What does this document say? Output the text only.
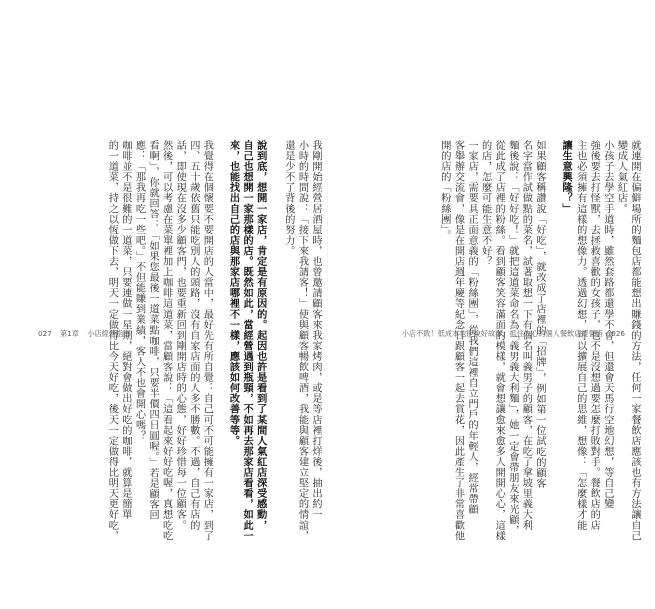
我剛開始經營居酒屋時，也曾邀請顧客來我家烤肉，或是等店裡打烊後，抽出約一
小時的時間說：「接下來我請客！」使與顧客暢飲啤酒，我能與顧客建立堅定的情誼，
還是少不了背後的努力。
說到底，想開一家店，肯定是有原因的。起因也許是看到了某間人氣紅店深受感動，
自己也想開一家那樣的店。既然如此，當經營遇到瓶頸，不如再去那家店看看，如此一
來，也能找出自己的店與那家店哪裡不一樣，應該如何改善等等。
我覺得在個懷要不要開店的人當中，最好先有所自覺：自己可不可能擁有一家店，到了
四、五十歲依舊只能吃別人的頭路，沒有自家店面的人多不勝數。不過，自己有店的
話，即使現在沒多少顧客門，也要重新回到剛開店時的心態，好好珍惜每一位顧客。
然後，可以考慮在菜單裡加上咖啡這道菜，當顧客說：「這看起來好好吃喔，真想吃吃
看啊」，你就回答：「如果您最後一道菜點咖啡，只要半價四日圓喔。」若是顧客回
應：「那我再吃一些吧。」不但能賺到業績，客人不也會開心嗎？
咖啡並不是很難的一道菜，只要連做一星期，絕對會做出好吃的咖啡，就算是簡單
的一道菜，持之以恆做下去，明天一定做得比今天好吃，後天一定做得比明天更好吃，	就連開在偏僻場所的麵包店都能想出賺錢的方法，任何一家餐飲店應該也有方法讓自己
變成人氣紅店。
小孩子去學空手道時，雖然套路都還學不會，但還會天馬行空地幻想，等自己變
強後要去打怪獸，去拯救喜歡的女孩子，也不是沒想過要怎麼打敗對手。餐飲店的店
主也必須擁有這樣的想像力。透過幻想，可以擴展自己的思維，想像：「怎麼樣才能
讓生意興隆？」
如果顧客稱讚說「好吃」，就改成了店裡的「招牌」，例如第一位試吃的顧客
名字當作試做點的菜名，試著取想一下有個名叫義男子的顧客，在吃了拿坡里義大利
麵後說：「好好吃！」就把這道菜命名為「義男義大利麵」，她一定會帶朋友來光顧，
從此成了店裡的粉絲。看到顧客笑容滿面的模樣，就會想讓愈來愈多人開開心心，這樣
的店，怎麼可能生意不好？
一家店，需要具正面意義的「粉絲團」，從我們這裡自立門戶的年輕人，經常帶顧
客舉辦交流會，像是在開店週年慶等紀念日跟顧客一起去賞花，因此產生了非常喜歡他
開的店的「粉絲團」。
027 第1章 小店經營指南	小店不敗！低成本也能說好故事，抓住人心的個人餐飲店經營術 026
